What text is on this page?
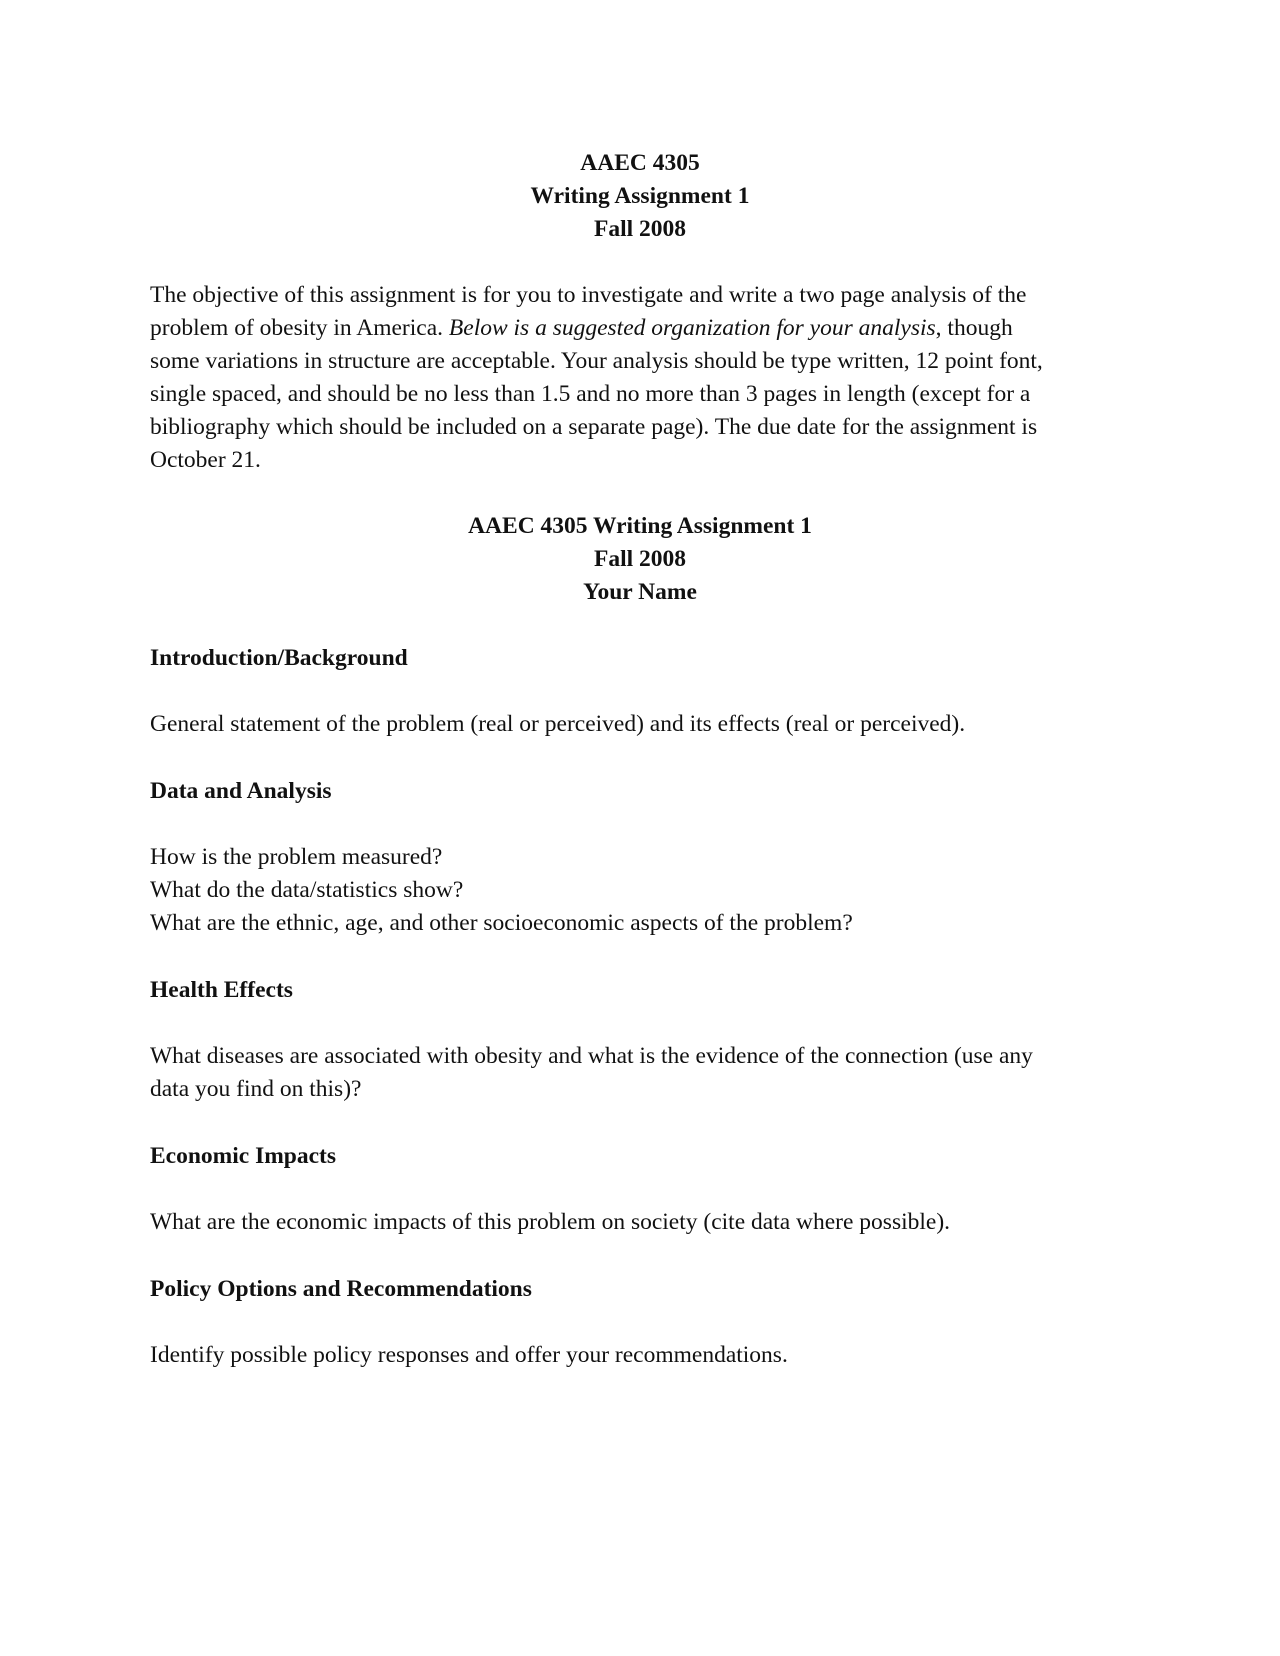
AAEC 4305
Writing Assignment 1
Fall 2008
The objective of this assignment is for you to investigate and write a two page analysis of the
problem of obesity in America. Below is a suggested organization for your analysis, though
some variations in structure are acceptable. Your analysis should be type written, 12 point font,
single spaced, and should be no less than 1.5 and no more than 3 pages in length (except for a
bibliography which should be included on a separate page). The due date for the assignment is
October 21.
AAEC 4305 Writing Assignment 1
Fall 2008
Your Name
Introduction/Background
General statement of the problem (real or perceived) and its effects (real or perceived).
Data and Analysis
How is the problem measured?
What do the data/statistics show?
What are the ethnic, age, and other socioeconomic aspects of the problem?
Health Effects
What diseases are associated with obesity and what is the evidence of the connection (use any
data you find on this)?
Economic Impacts
What are the economic impacts of this problem on society (cite data where possible).
Policy Options and Recommendations
Identify possible policy responses and offer your recommendations.
